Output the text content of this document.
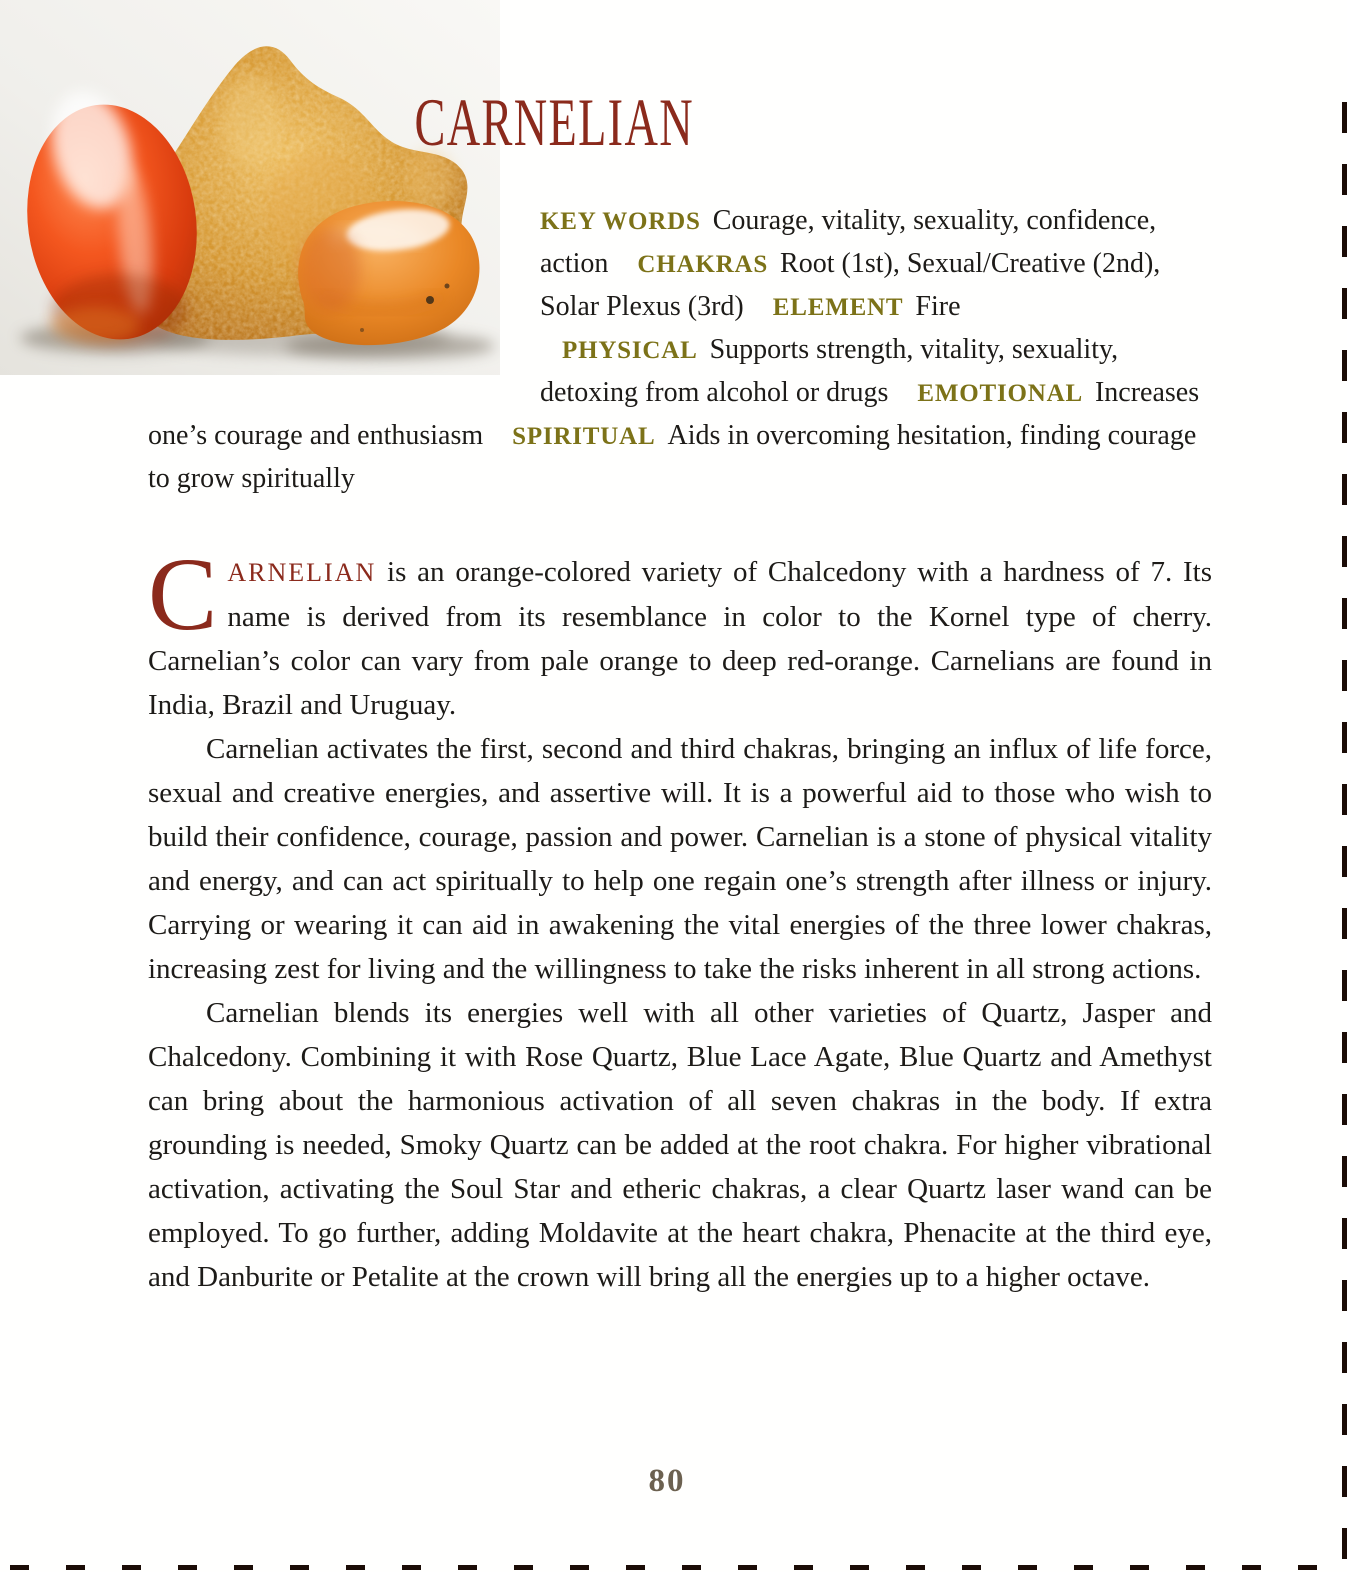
CARNELIAN

KEY WORDS Courage, vitality, sexuality, confidence, action CHAKRAS Root (1st), Sexual/Creative (2nd), Solar Plexus (3rd) ELEMENT Fire PHYSICAL Supports strength, vitality, sexuality, detoxing from alcohol or drugs EMOTIONAL Increases one’s courage and enthusiasm SPIRITUAL Aids in overcoming hesitation, finding courage to grow spiritually

CARNELIAN is an orange-colored variety of Chalcedony with a hardness of 7. Its name is derived from its resemblance in color to the Kornel type of cherry. Carnelian’s color can vary from pale orange to deep red-orange. Carnelians are found in India, Brazil and Uruguay.

Carnelian activates the first, second and third chakras, bringing an influx of life force, sexual and creative energies, and assertive will. It is a powerful aid to those who wish to build their confidence, courage, passion and power. Carnelian is a stone of physical vitality and energy, and can act spiritually to help one regain one’s strength after illness or injury. Carrying or wearing it can aid in awakening the vital energies of the three lower chakras, increasing zest for living and the willingness to take the risks inherent in all strong actions.

Carnelian blends its energies well with all other varieties of Quartz, Jasper and Chalcedony. Combining it with Rose Quartz, Blue Lace Agate, Blue Quartz and Amethyst can bring about the harmonious activation of all seven chakras in the body. If extra grounding is needed, Smoky Quartz can be added at the root chakra. For higher vibrational activation, activating the Soul Star and etheric chakras, a clear Quartz laser wand can be employed. To go further, adding Moldavite at the heart chakra, Phenacite at the third eye, and Danburite or Petalite at the crown will bring all the energies up to a higher octave.

80
